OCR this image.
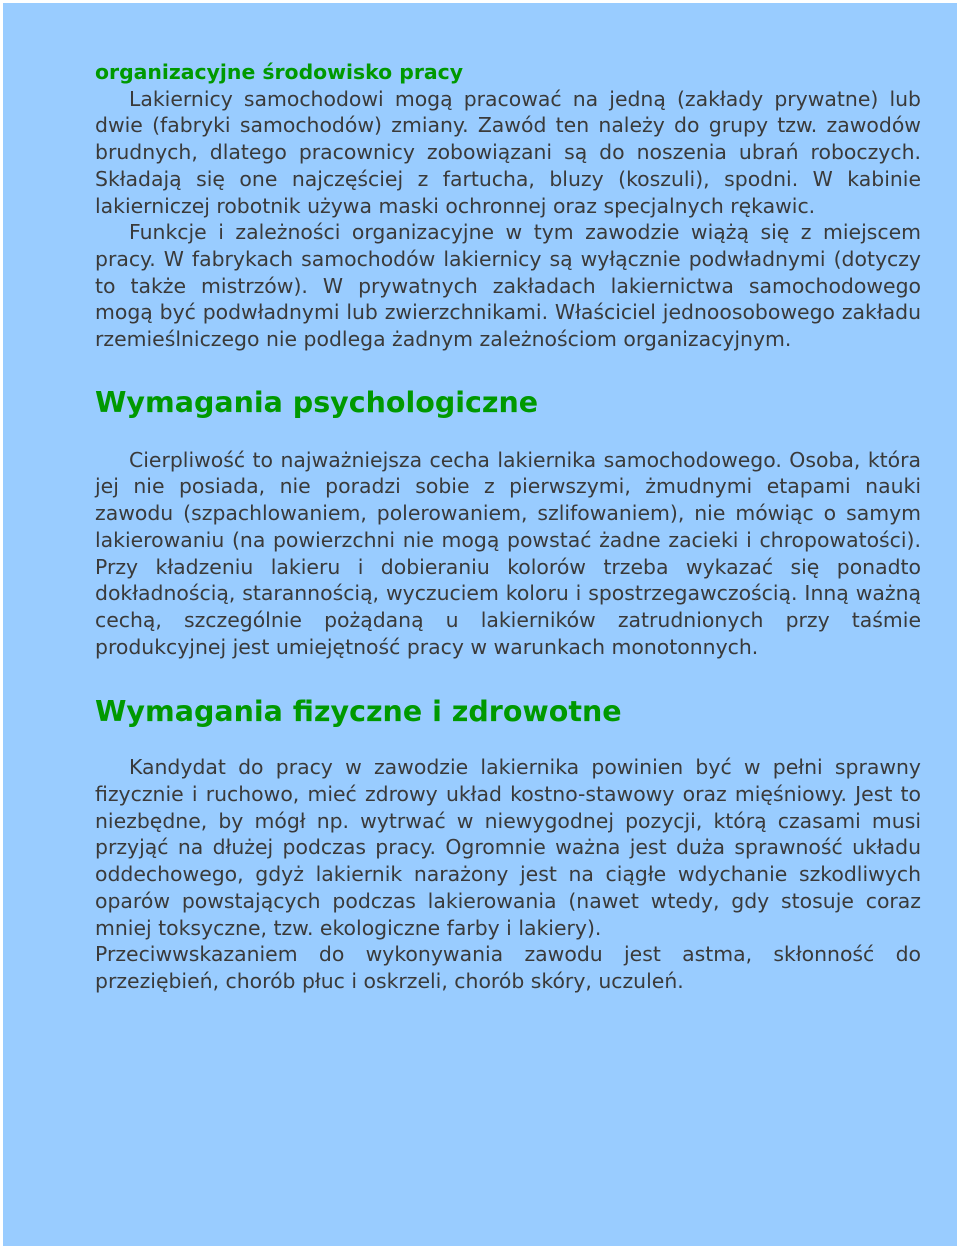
organizacyjne środowisko pracy

Lakiernicy samochodowi mogą pracować na jedną (zakłady prywatne) lub dwie (fabryki samochodów) zmiany. Zawód ten należy do grupy tzw. zawodów brudnych, dlatego pracownicy zobowiązani są do noszenia ubrań roboczych. Składają się one najczęściej z fartucha, bluzy (koszuli), spodni. W kabinie lakierniczej robotnik używa maski ochronnej oraz specjalnych rękawic.

Funkcje i zależności organizacyjne w tym zawodzie wiążą się z miejscem pracy. W fabrykach samochodów lakiernicy są wyłącznie podwładnymi (dotyczy to także mistrzów). W prywatnych zakładach lakiernictwa samochodowego mogą być podwładnymi lub zwierzchnikami. Właściciel jednoosobowego zakładu rzemieślniczego nie podlega żadnym zależnościom organizacyjnym.

Wymagania psychologiczne

Cierpliwość to najważniejsza cecha lakiernika samochodowego. Osoba, która jej nie posiada, nie poradzi sobie z pierwszymi, żmudnymi etapami nauki zawodu (szpachlowaniem, polerowaniem, szlifowaniem), nie mówiąc o samym lakierowaniu (na powierzchni nie mogą powstać żadne zacieki i chropowatości). Przy kładzeniu lakieru i dobieraniu kolorów trzeba wykazać się ponadto dokładnością, starannością, wyczuciem koloru i spostrzegawczością. Inną ważną cechą, szczególnie pożądaną u lakierników zatrudnionych przy taśmie produkcyjnej jest umiejętność pracy w warunkach monotonnych.

Wymagania fizyczne i zdrowotne

Kandydat do pracy w zawodzie lakiernika powinien być w pełni sprawny fizycznie i ruchowo, mieć zdrowy układ kostno-stawowy oraz mięśniowy. Jest to niezbędne, by mógł np. wytrwać w niewygodnej pozycji, którą czasami musi przyjąć na dłużej podczas pracy. Ogromnie ważna jest duża sprawność układu oddechowego, gdyż lakiernik narażony jest na ciągłe wdychanie szkodliwych oparów powstających podczas lakierowania (nawet wtedy, gdy stosuje coraz mniej toksyczne, tzw. ekologiczne farby i lakiery).

Przeciwwskazaniem do wykonywania zawodu jest astma, skłonność do przeziębień, chorób płuc i oskrzeli, chorób skóry, uczuleń.
